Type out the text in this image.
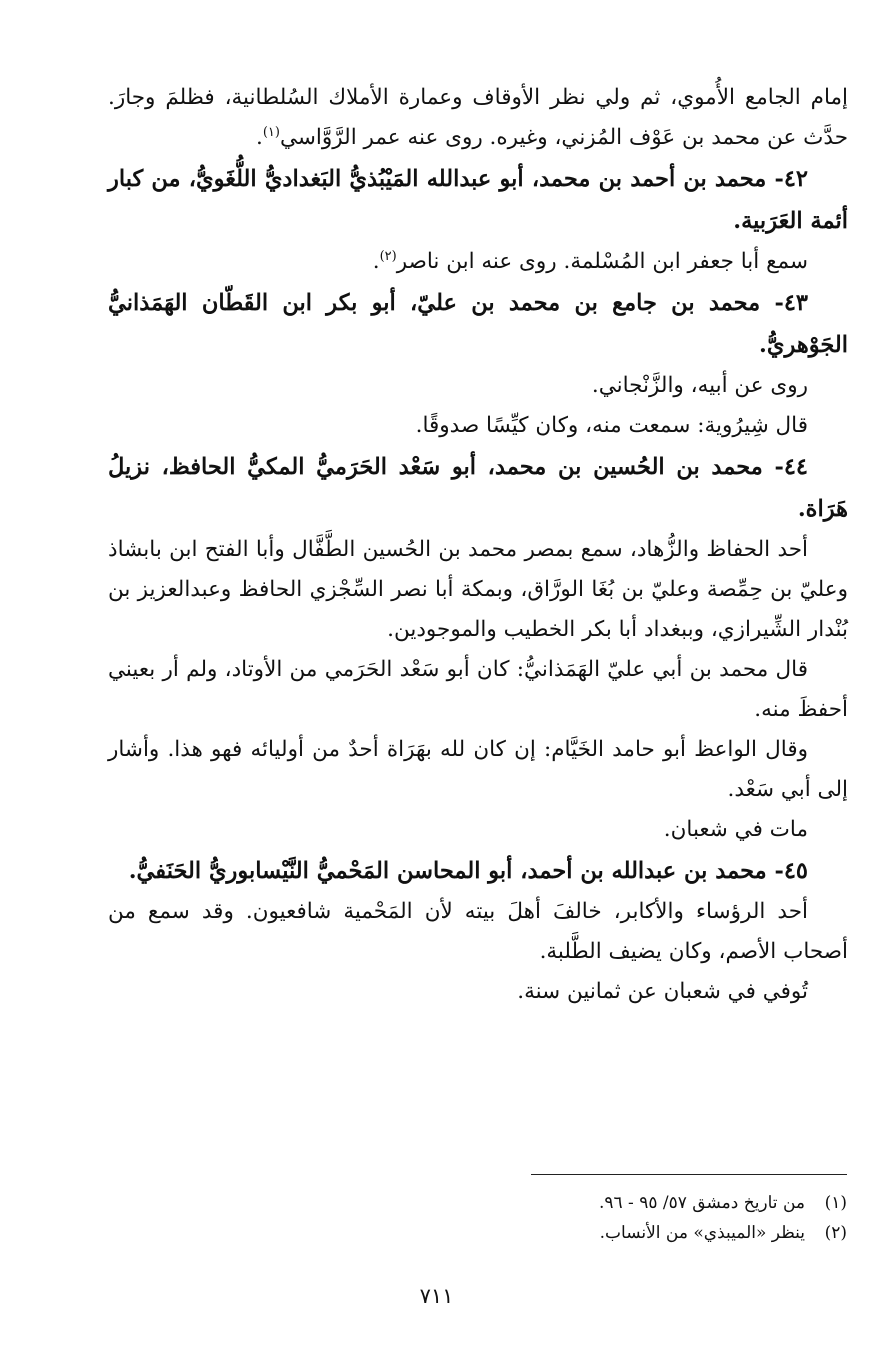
إمام الجامع الأُموي، ثم ولي نظر الأوقاف وعمارة الأملاك السُلطانية، فظلمَ وجارَ. حدَّث عن محمد بن عَوْف المُزني، وغيره. روى عنه عمر الرَّوَّاسي$^{(١)}$.

٤٢- محمد بن أحمد بن محمد، أبو عبدالله المَيْبُذيُّ البَغداديُّ اللُّغَويُّ، من كبار أئمة العَرَبية.

سمع أبا جعفر ابن المُسْلمة. روى عنه ابن ناصر$^{(٢)}$.

٤٣- محمد بن جامع بن محمد بن عليّ، أبو بكر ابن القَطّان الهَمَذانيُّ الجَوْهريُّ.

روى عن أبيه، والزَّنْجاني.

قال شِيرُوية: سمعت منه، وكان كيِّسًا صدوقًا.

٤٤- محمد بن الحُسين بن محمد، أبو سَعْد الحَرَميُّ المكيُّ الحافظ، نزيلُ هَرَاة.

أحد الحفاظ والزُّهاد، سمع بمصر محمد بن الحُسين الطَّفَّال وأبا الفتح ابن بابشاذ وعليّ بن حِمِّصة وعليّ بن بُغَا الورَّاق، وبمكة أبا نصر السِّجْزي الحافظ وعبدالعزيز بن بُنْدار الشِّيرازي، وببغداد أبا بكر الخطيب والموجودين.

قال محمد بن أبي عليّ الهَمَذانيُّ: كان أبو سَعْد الحَرَمي من الأوتاد، ولم أر بعيني أحفظَ منه.

وقال الواعظ أبو حامد الخَيَّام: إن كان لله بهَرَاة أحدٌ من أوليائه فهو هذا. وأشار إلى أبي سَعْد.

مات في شعبان.

٤٥- محمد بن عبدالله بن أحمد، أبو المحاسن المَحْميُّ النَّيْسابوريُّ الحَنَفيُّ.

أحد الرؤساء والأكابر، خالفَ أهلَ بيته لأن المَحْمية شافعيون. وقد سمع من أصحاب الأصم، وكان يضيف الطَّلبة.

تُوفي في شعبان عن ثمانين سنة.

(١)من تاريخ دمشق ٥٧/ ٩٥ - ٩٦.

(٢)ينظر «الميبذي» من الأنساب.

٧١١
